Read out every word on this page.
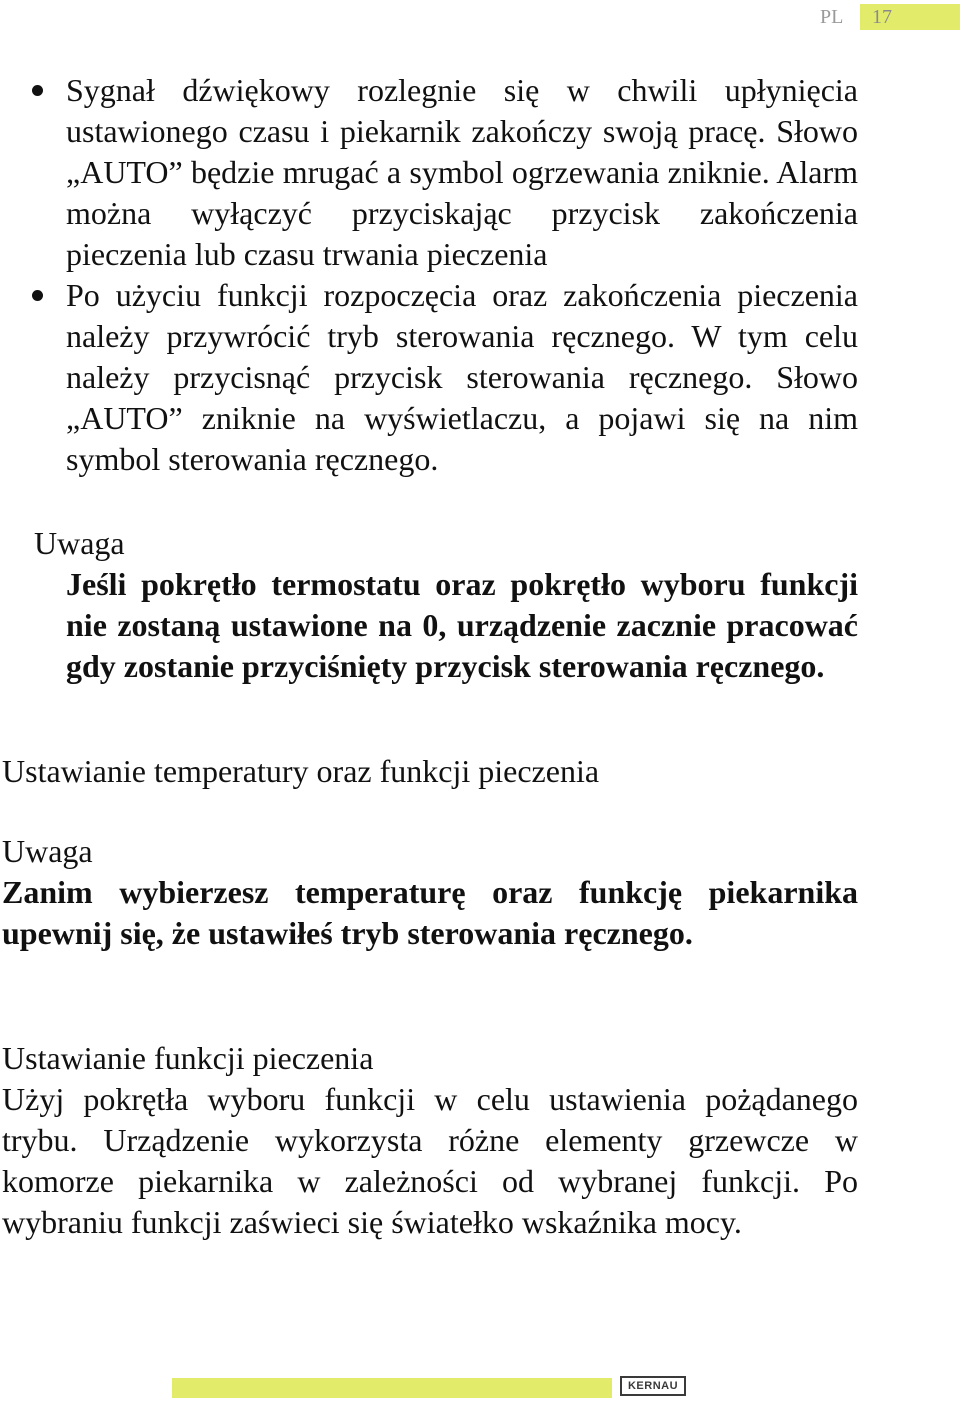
PL 17
Sygnał dźwiękowy rozlegnie się w chwili upłynięcia ustawionego czasu i piekarnik zakończy swoją pracę. Słowo „AUTO” będzie mrugać a symbol ogrzewania zniknie. Alarm można wyłączyć przyciskając przycisk zakończenia pieczenia lub czasu trwania pieczenia
Po użyciu funkcji rozpoczęcia oraz zakończenia pieczenia należy przywrócić tryb sterowania ręcznego. W tym celu należy przycisnąć przycisk sterowania ręcznego. Słowo „AUTO” zniknie na wyświetlaczu, a pojawi się na nim symbol sterowania ręcznego.
Uwaga
Jeśli pokrętło termostatu oraz pokrętło wyboru funkcji nie zostaną ustawione na 0, urządzenie zacznie pracować gdy zostanie przyciśnięty przycisk sterowania ręcznego.
Ustawianie temperatury oraz funkcji pieczenia
Uwaga
Zanim wybierzesz temperaturę oraz funkcję piekarnika upewnij się, że ustawiłeś tryb sterowania ręcznego.
Ustawianie funkcji pieczenia
Użyj pokrętła wyboru funkcji w celu ustawienia pożądanego trybu. Urządzenie wykorzysta różne elementy grzewcze w komorze piekarnika w zależności od wybranej funkcji. Po wybraniu funkcji zaświeci się światełko wskaźnika mocy.
KERNAU
